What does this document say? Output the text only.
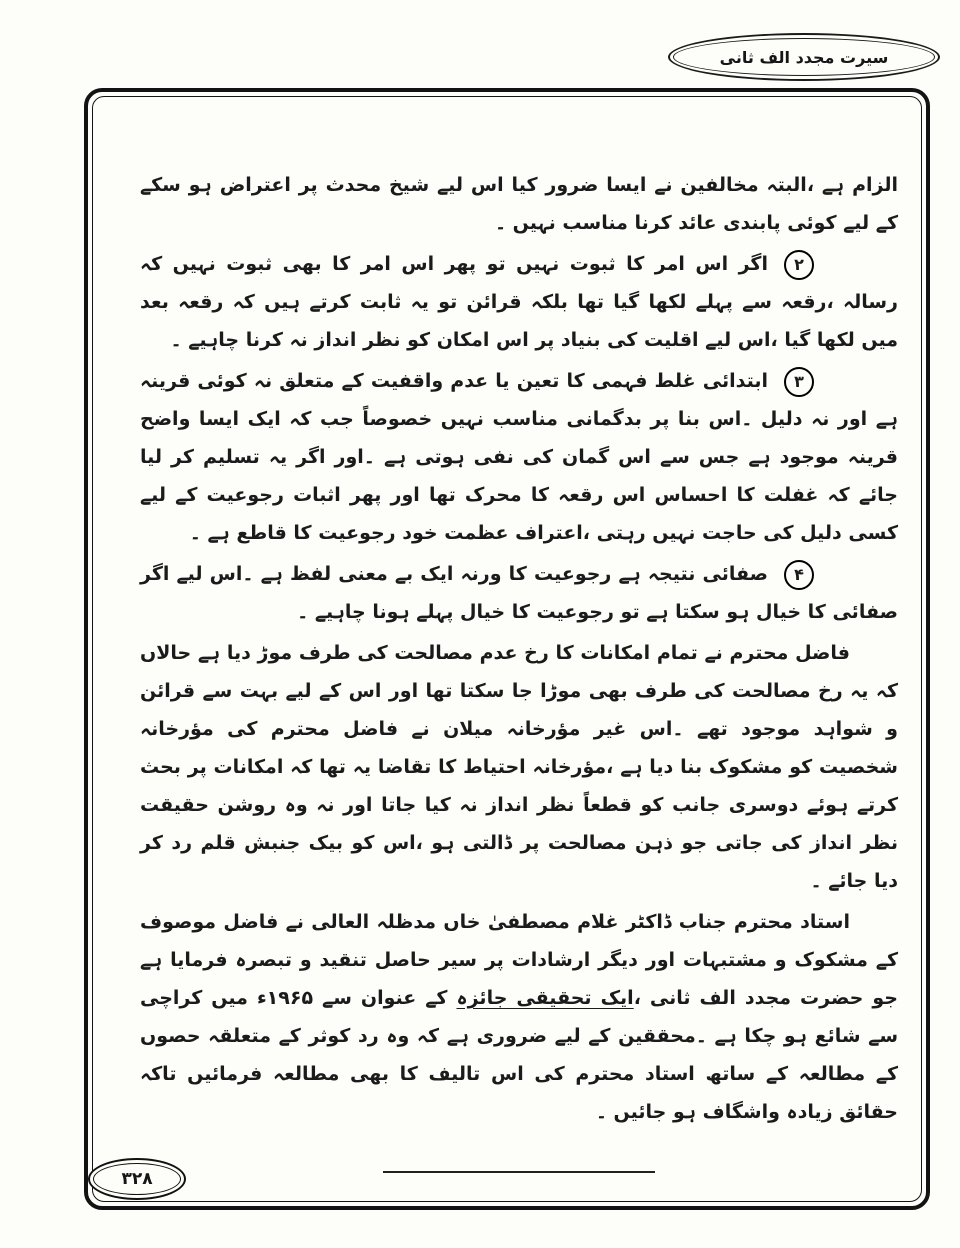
سیرت مجدد الف ثانی

الزام ہے ،البتہ مخالفین نے ایسا ضرور کیا اس لیے شیخ محدث پر اعتراض ہو سکے کے لیے کوئی پابندی عائد کرنا مناسب نہیں ۔

۲اگر اس امر کا ثبوت نہیں تو پھر اس امر کا بھی ثبوت نہیں کہ رسالہ ،رقعہ سے پہلے لکھا گیا تھا بلکہ قرائن تو یہ ثابت کرتے ہیں کہ رقعہ بعد میں لکھا گیا ،اس لیے اقلیت کی بنیاد پر اس امکان کو نظر انداز نہ کرنا چاہیے ۔

۳ابتدائی غلط فہمی کا تعین یا عدم واقفیت کے متعلق نہ کوئی قرینہ ہے اور نہ دلیل ۔اس بنا پر بدگمانی مناسب نہیں خصوصاً جب کہ ایک ایسا واضح قرینہ موجود ہے جس سے اس گمان کی نفی ہوتی ہے ۔اور اگر یہ تسلیم کر لیا جائے کہ غفلت کا احساس اس رقعہ کا محرک تھا اور پھر اثبات رجوعیت کے لیے کسی دلیل کی حاجت نہیں رہتی ،اعتراف عظمت خود رجوعیت کا قاطع ہے ۔

۴صفائی نتیجہ ہے رجوعیت کا ورنہ ایک بے معنی لفظ ہے ۔اس لیے اگر صفائی کا خیال ہو سکتا ہے تو رجوعیت کا خیال پہلے ہونا چاہیے ۔

فاضل محترم نے تمام امکانات کا رخ عدم مصالحت کی طرف موڑ دیا ہے حالاں کہ یہ رخ مصالحت کی طرف بھی موڑا جا سکتا تھا اور اس کے لیے بہت سے قرائن و شواہد موجود تھے ۔اس غیر مؤرخانہ میلان نے فاضل محترم کی مؤرخانہ شخصیت کو مشکوک بنا دیا ہے ،مؤرخانہ احتیاط کا تقاضا یہ تھا کہ امکانات پر بحث کرتے ہوئے دوسری جانب کو قطعاً نظر انداز نہ کیا جاتا اور نہ وہ روشن حقیقت نظر انداز کی جاتی جو ذہن مصالحت پر ڈالتی ہو ،اس کو بیک جنبش قلم رد کر دیا جائے ۔

استاد محترم جناب ڈاکٹر غلام مصطفیٰ خاں مدظلہ العالی نے فاضل موصوف کے مشکوک و مشتبہات اور دیگر ارشادات پر سیر حاصل تنقید و تبصرہ فرمایا ہے جو حضرت مجدد الف ثانی ،ایک تحقیقی جائزہ کے عنوان سے ۱۹۶۵ء میں کراچی سے شائع ہو چکا ہے ۔محققین کے لیے ضروری ہے کہ وہ رد کوثر کے متعلقہ حصوں کے مطالعہ کے ساتھ استاد محترم کی اس تالیف کا بھی مطالعہ فرمائیں تاکہ حقائق زیادہ واشگاف ہو جائیں ۔

۳۲۸
